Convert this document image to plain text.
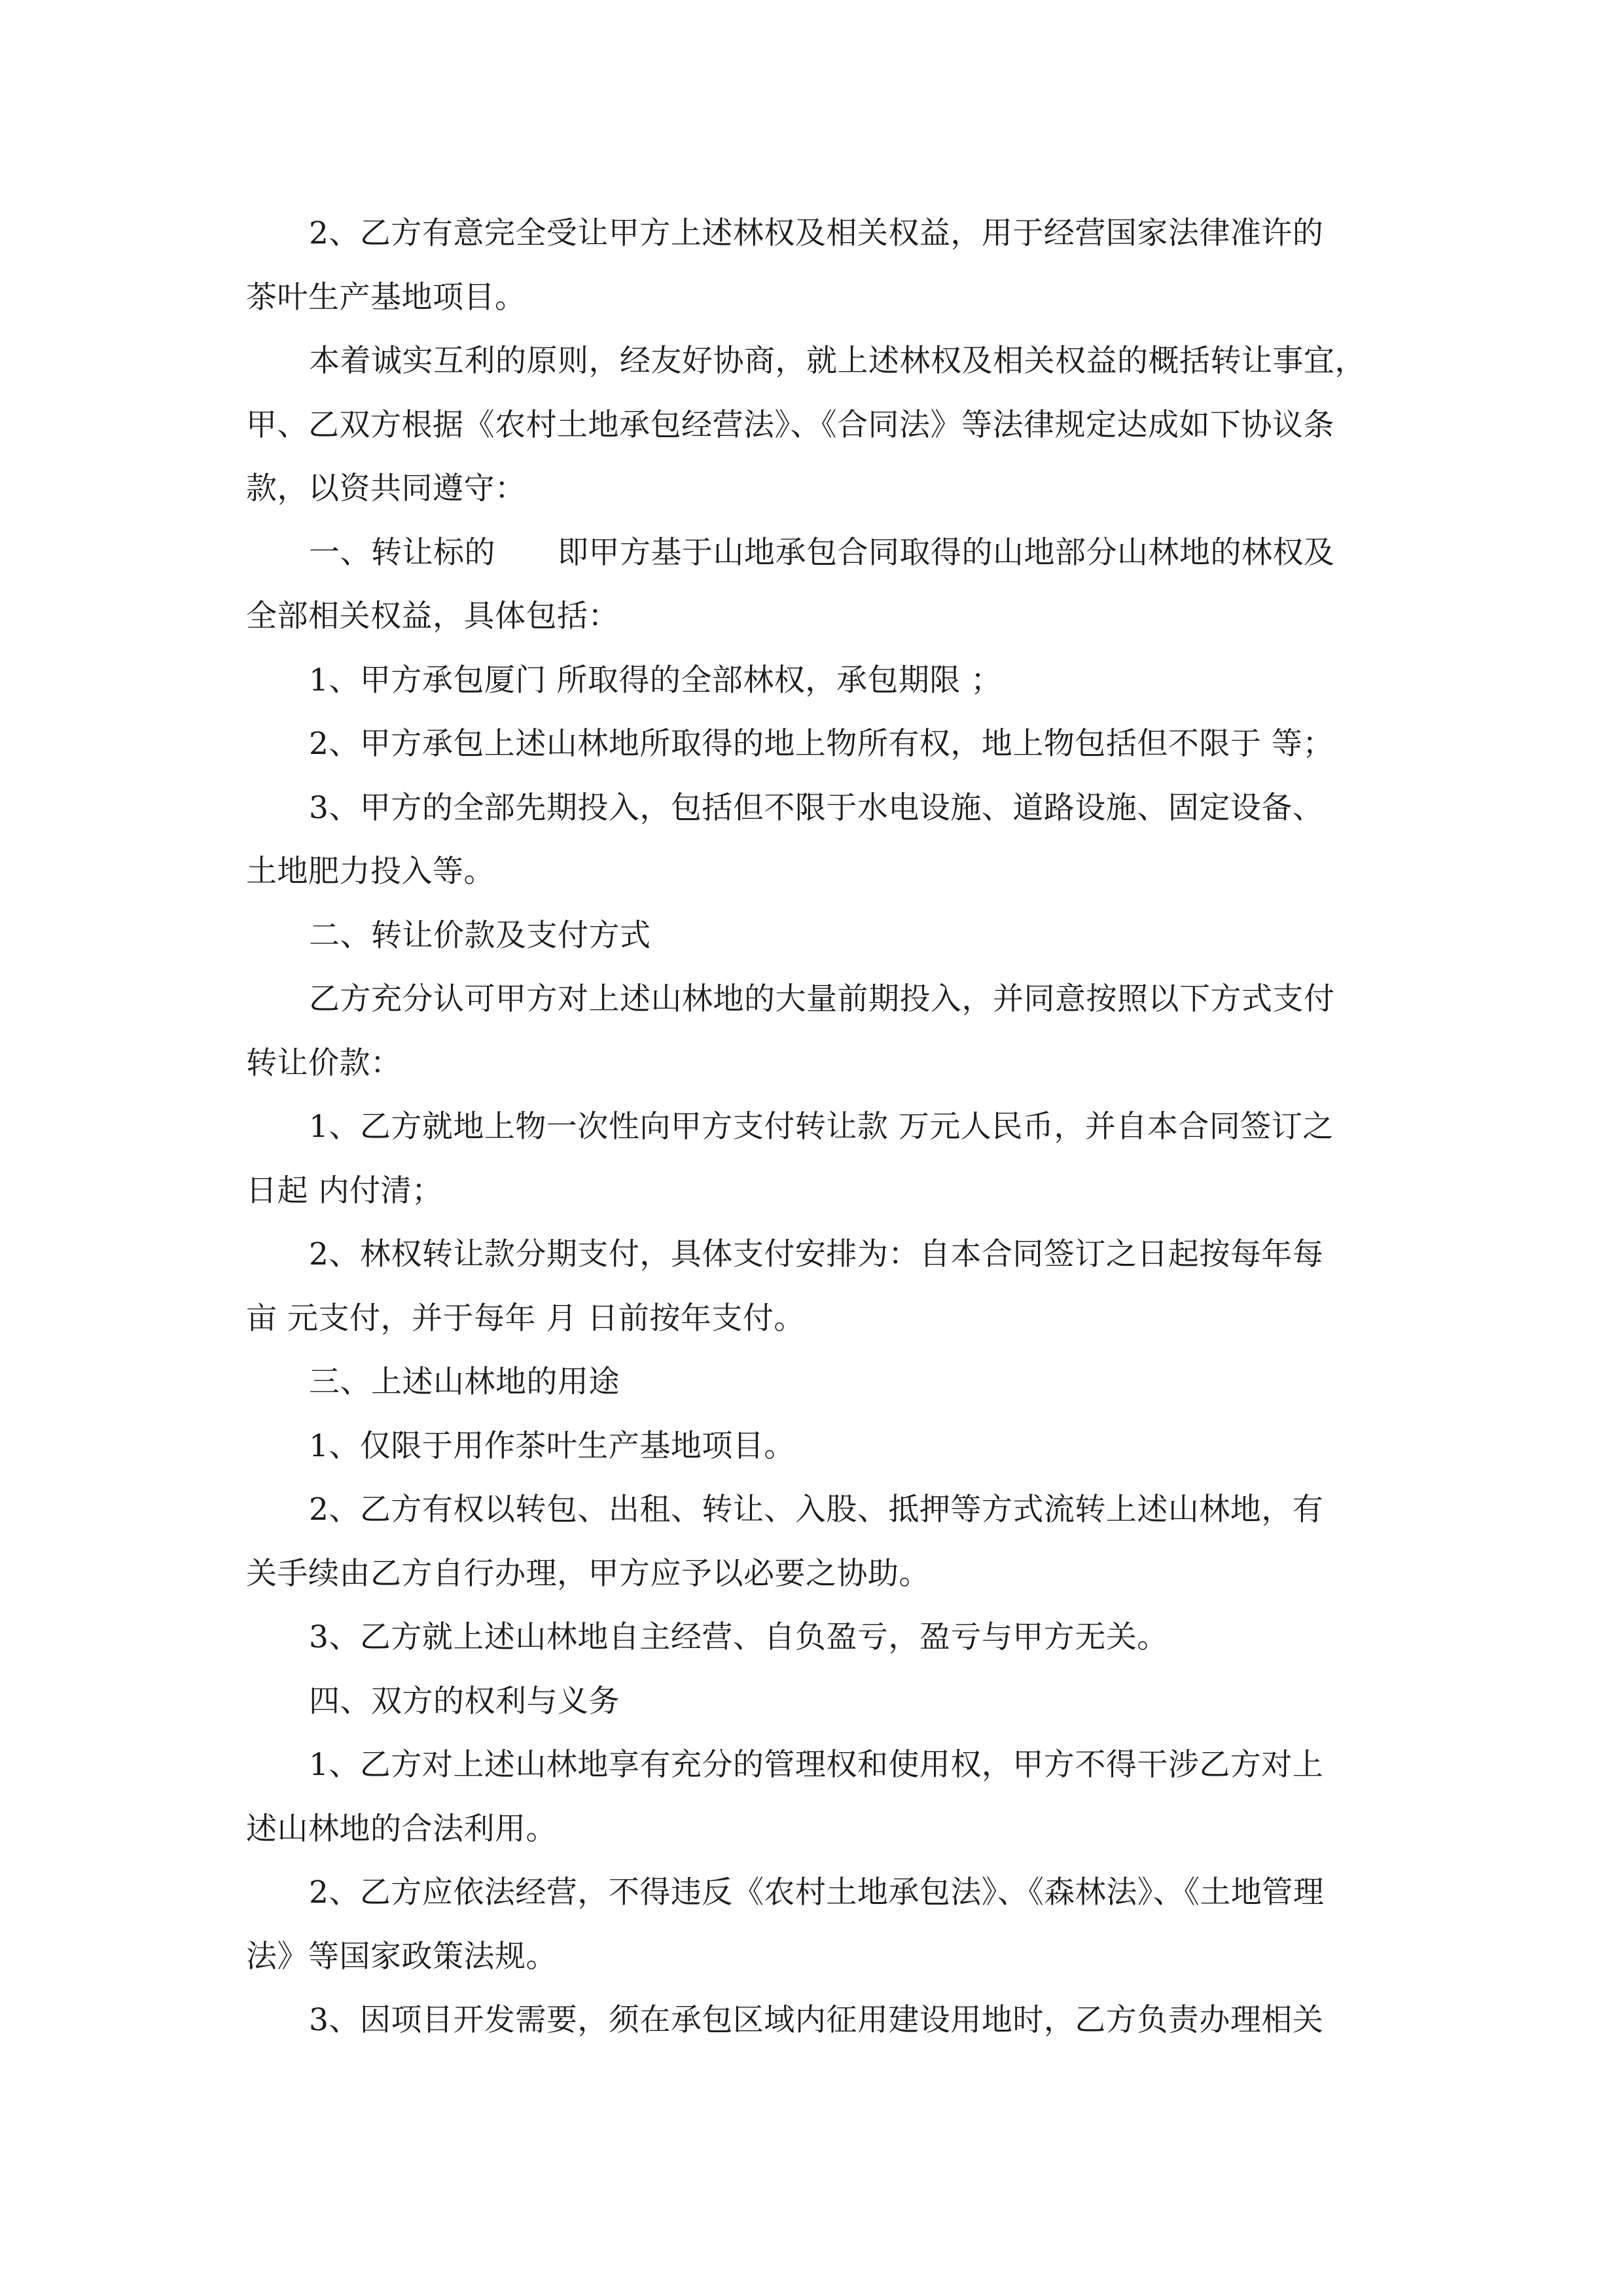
2、乙方有意完全受让甲方上述林权及相关权益，用于经营国家法律准许的
茶叶生产基地项目。
本着诚实互利的原则，经友好协商，就上述林权及相关权益的概括转让事宜，
甲、乙双方根据《农村土地承包经营法》、《合同法》等法律规定达成如下协议条
款，以资共同遵守：
一、转让标的　　即甲方基于山地承包合同取得的山地部分山林地的林权及
全部相关权益，具体包括：
1、甲方承包厦门 所取得的全部林权，承包期限 ；
2、甲方承包上述山林地所取得的地上物所有权，地上物包括但不限于 等；
3、甲方的全部先期投入，包括但不限于水电设施、道路设施、固定设备、
土地肥力投入等。
二、转让价款及支付方式
乙方充分认可甲方对上述山林地的大量前期投入，并同意按照以下方式支付
转让价款：
1、乙方就地上物一次性向甲方支付转让款 万元人民币，并自本合同签订之
日起 内付清；
2、林权转让款分期支付，具体支付安排为：自本合同签订之日起按每年每
亩 元支付，并于每年 月 日前按年支付。
三、上述山林地的用途
1、仅限于用作茶叶生产基地项目。
2、乙方有权以转包、出租、转让、入股、抵押等方式流转上述山林地，有
关手续由乙方自行办理，甲方应予以必要之协助。
3、乙方就上述山林地自主经营、自负盈亏，盈亏与甲方无关。
四、双方的权利与义务
1、乙方对上述山林地享有充分的管理权和使用权，甲方不得干涉乙方对上
述山林地的合法利用。
2、乙方应依法经营，不得违反《农村土地承包法》、《森林法》、《土地管理
法》等国家政策法规。
3、因项目开发需要，须在承包区域内征用建设用地时，乙方负责办理相关
